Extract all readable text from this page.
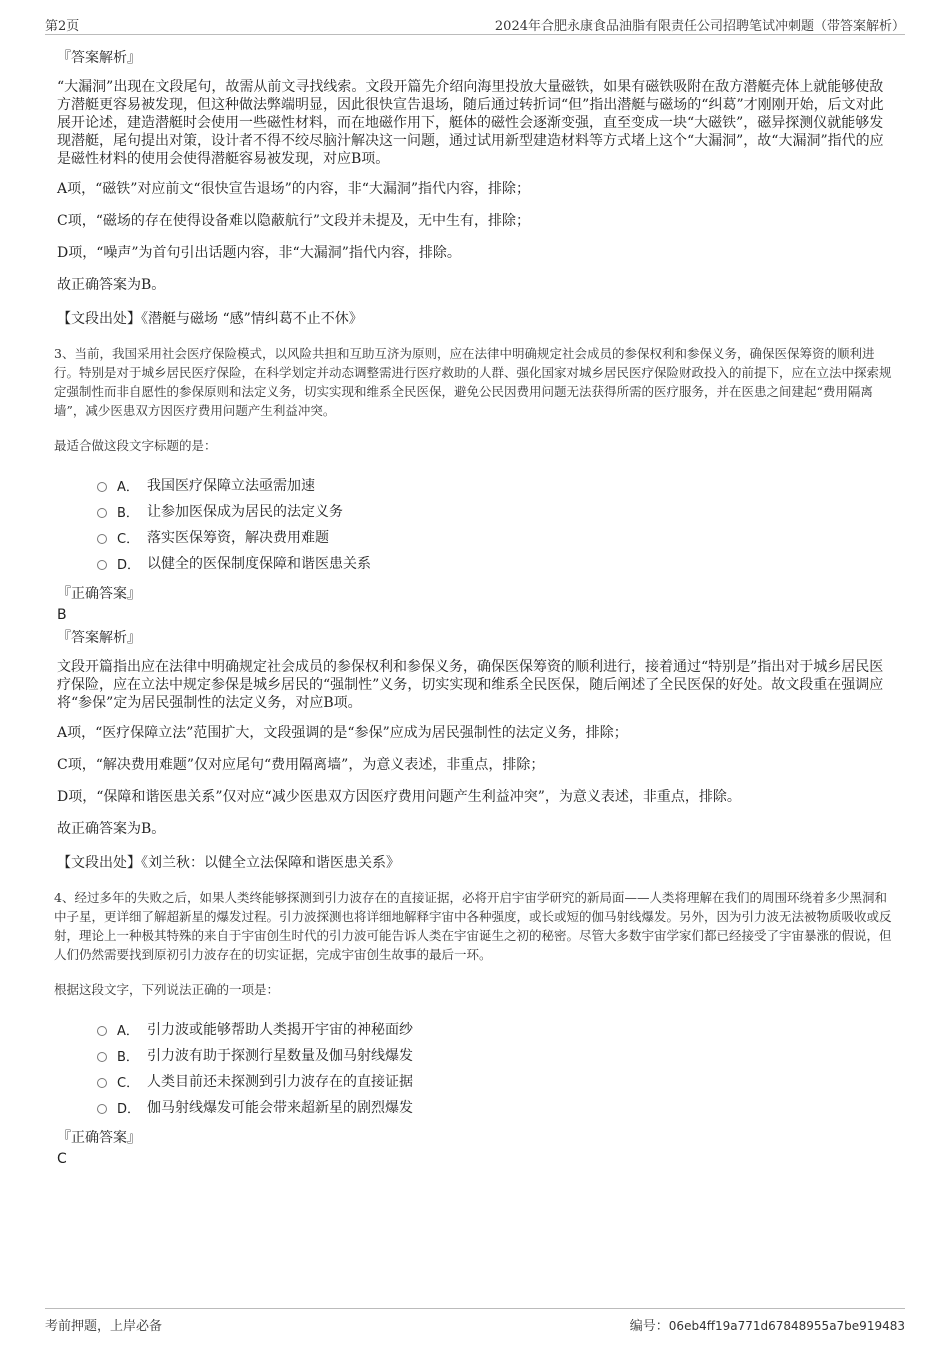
第2页	2024年合肥永康食品油脂有限责任公司招聘笔试冲刺题（带答案解析）
『答案解析』
“大漏洞”出现在文段尾句，故需从前文寻找线索。文段开篇先介绍向海里投放大量磁铁，如果有磁铁吸附在敌方潜艇壳体上就能够使敌方潜艇更容易被发现，但这种做法弊端明显，因此很快宣告退场，随后通过转折词“但”指出潜艇与磁场的“纠葛”才刚刚开始，后文对此展开论述，建造潜艇时会使用一些磁性材料，而在地磁作用下，艇体的磁性会逐渐变强，直至变成一块“大磁铁”，磁异探测仪就能够发现潜艇，尾句提出对策，设计者不得不绞尽脑汁解决这一问题，通过试用新型建造材料等方式堵上这个“大漏洞”，故“大漏洞”指代的应是磁性材料的使用会使得潜艇容易被发现，对应B项。
A项，“磁铁”对应前文“很快宣告退场”的内容，非“大漏洞”指代内容，排除；
C项，“磁场的存在使得设备难以隐蔽航行”文段并未提及，无中生有，排除；
D项，“噪声”为首句引出话题内容，非“大漏洞”指代内容，排除。
故正确答案为B。
【文段出处】《潜艇与磁场 “感”情纠葛不止不休》
3、当前，我国采用社会医疗保险模式，以风险共担和互助互济为原则，应在法律中明确规定社会成员的参保权利和参保义务，确保医保筹资的顺利进行。特别是对于城乡居民医疗保险，在科学划定并动态调整需进行医疗救助的人群、强化国家对城乡居民医疗保险财政投入的前提下，应在立法中探索规定强制性而非自愿性的参保原则和法定义务，切实实现和维系全民医保，避免公民因费用问题无法获得所需的医疗服务，并在医患之间建起“费用隔离墙”，减少医患双方因医疗费用问题产生利益冲突。
最适合做这段文字标题的是：
A． 我国医疗保障立法亟需加速
B． 让参加医保成为居民的法定义务
C． 落实医保筹资，解决费用难题
D． 以健全的医保制度保障和谐医患关系
『正确答案』
B
『答案解析』
文段开篇指出应在法律中明确规定社会成员的参保权利和参保义务，确保医保筹资的顺利进行，接着通过“特别是”指出对于城乡居民医疗保险，应在立法中规定参保是城乡居民的“强制性”义务，切实实现和维系全民医保，随后阐述了全民医保的好处。故文段重在强调应将“参保”定为居民强制性的法定义务，对应B项。
A项，“医疗保障立法”范围扩大，文段强调的是“参保”应成为居民强制性的法定义务，排除；
C项，“解决费用难题”仅对应尾句“费用隔离墙”，为意义表述，非重点，排除；
D项，“保障和谐医患关系”仅对应“减少医患双方因医疗费用问题产生利益冲突”，为意义表述，非重点，排除。
故正确答案为B。
【文段出处】《刘兰秋：以健全立法保障和谐医患关系》
4、经过多年的失败之后，如果人类终能够探测到引力波存在的直接证据，必将开启宇宙学研究的新局面——人类将理解在我们的周围环绕着多少黑洞和中子星，更详细了解超新星的爆发过程。引力波探测也将详细地解释宇宙中各种强度，或长或短的伽马射线爆发。另外，因为引力波无法被物质吸收或反射，理论上一种极其特殊的来自于宇宙创生时代的引力波可能告诉人类在宇宙诞生之初的秘密。尽管大多数宇宙学家们都已经接受了宇宙暴涨的假说，但人们仍然需要找到原初引力波存在的切实证据，完成宇宙创生故事的最后一环。
根据这段文字，下列说法正确的一项是：
A． 引力波或能够帮助人类揭开宇宙的神秘面纱
B． 引力波有助于探测行星数量及伽马射线爆发
C． 人类目前还未探测到引力波存在的直接证据
D． 伽马射线爆发可能会带来超新星的剧烈爆发
『正确答案』
C
考前押题，上岸必备	编号：06eb4ff19a771d67848955a7be919483
